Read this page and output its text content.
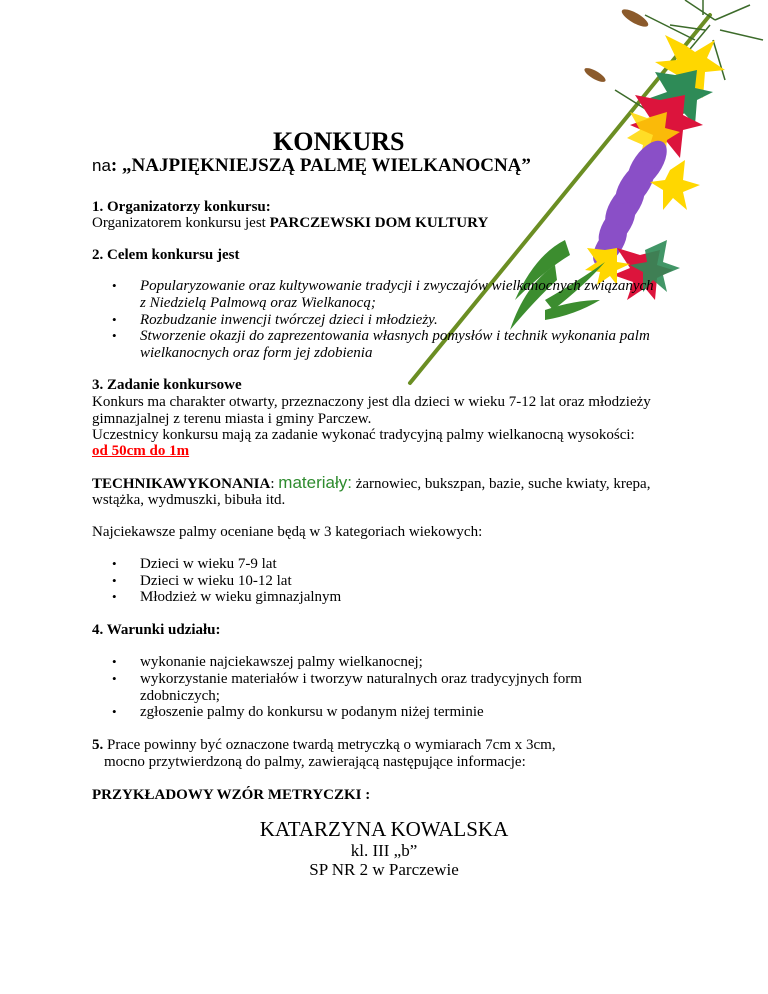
KONKURS
na: „NAJPIĘKNIEJSZĄ PALMĘ WIELKANOCNĄ”
1. Organizatorzy konkursu:
Organizatorem konkursu jest PARCZEWSKI DOM KULTURY
2. Celem konkursu jest
• Popularyzowanie oraz kultywowanie tradycji i zwyczajów wielkanocnych związanych
z Niedzielą Palmową oraz Wielkanocą;
• Rozbudzanie inwencji twórczej dzieci i młodzieży.
• Stworzenie okazji do zaprezentowania własnych pomysłów i technik wykonania palm
wielkanocnych oraz form jej zdobienia
3. Zadanie konkursowe
Konkurs ma charakter otwarty, przeznaczony jest dla dzieci w wieku 7-12 lat oraz młodzieży
gimnazjalnej z terenu miasta i gminy Parczew.
Uczestnicy konkursu mają za zadanie wykonać tradycyjną palmy wielkanocną wysokości:
od 50cm do 1m
TECHNIKAWYKONANIA: materiały: żarnowiec, bukszpan, bazie, suche kwiaty, krepa,
wstążka, wydmuszki, bibuła itd.
Najciekawsze palmy oceniane będą w 3 kategoriach wiekowych:
• Dzieci w wieku 7-9 lat
• Dzieci w wieku 10-12 lat
• Młodzież w wieku gimnazjalnym
4. Warunki udziału:
• wykonanie najciekawszej palmy wielkanocnej;
• wykorzystanie materiałów i tworzyw naturalnych oraz tradycyjnych form
zdobniczych;
• zgłoszenie palmy do konkursu w podanym niżej terminie
5. Prace powinny być oznaczone twardą metryczką o wymiarach 7cm x 3cm,
mocno przytwierdzoną do palmy, zawierającą następujące informacje:
PRZYKŁADOWY WZÓR METRYCZKI :
KATARZYNA KOWALSKA
kl. III „b”
SP NR 2 w Parczewie
